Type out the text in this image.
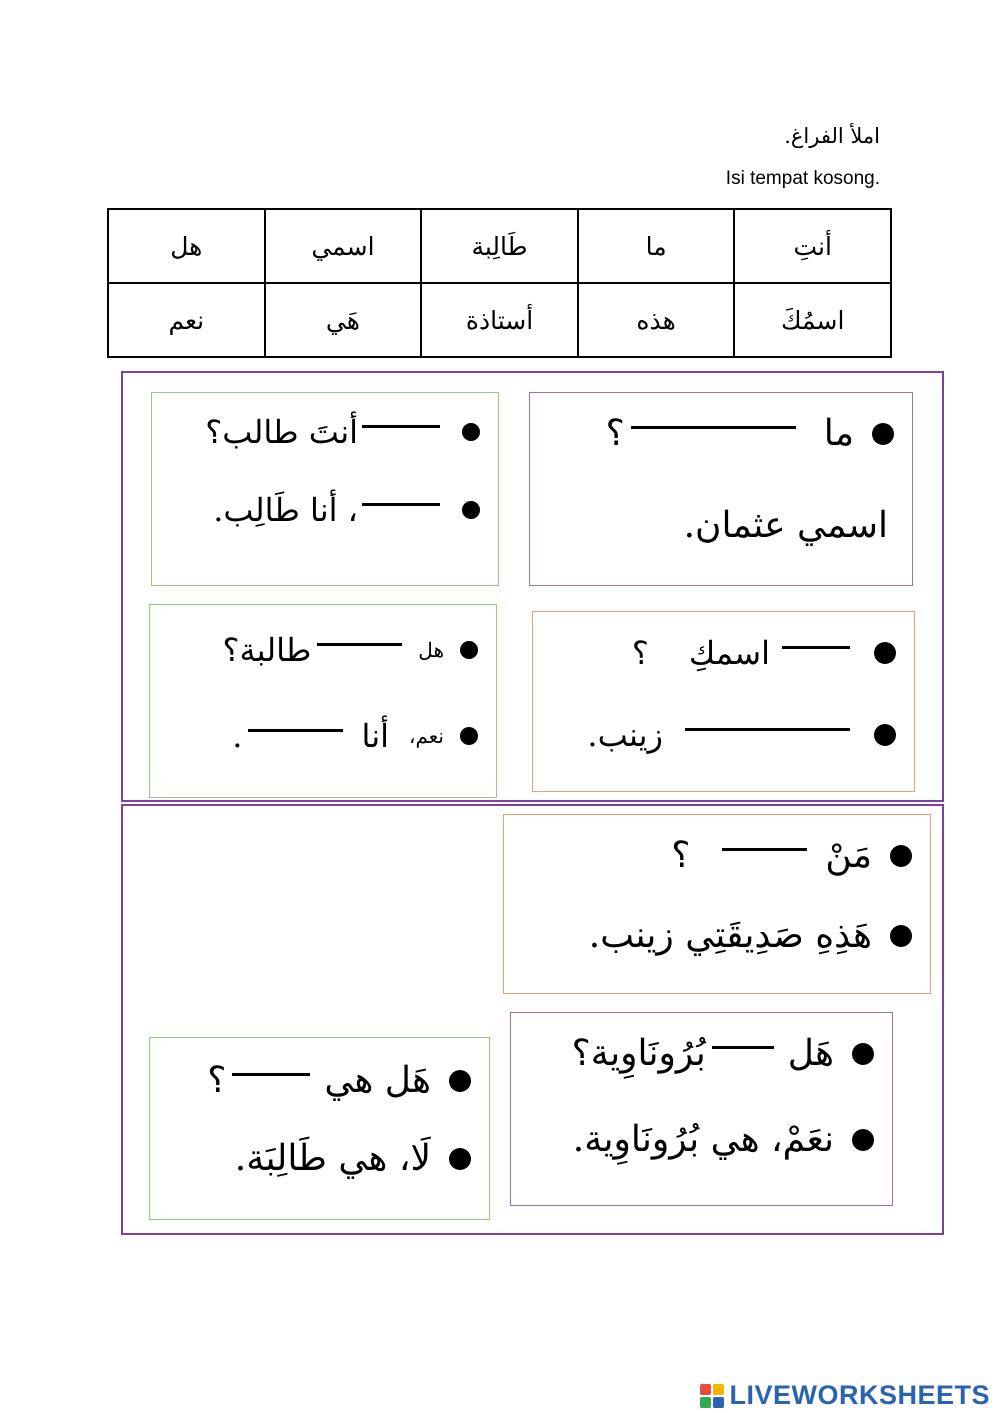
املأ الفراغ.
Isi tempat kosong.
أنتِ	ما	طَالِبة	اسمي	هل
اسمُكَ	هذه	أستاذة	هَي	نعم
ما
؟
اسمي عثمان.
أنتَ طالب؟
، أنا طَالِب.
اسمكِ
؟
زينب.
هل
طالبة؟
نعم،
أنا
.
مَنْ
؟
هَذِهِ صَدِيقَتِي زينب.
هَل
بُرُونَاوِية؟
نعَمْ، هي بُرُونَاوِية.
هَل هي
؟
لَا، هي طَالِبَة.
LIVEWORKSHEETS
